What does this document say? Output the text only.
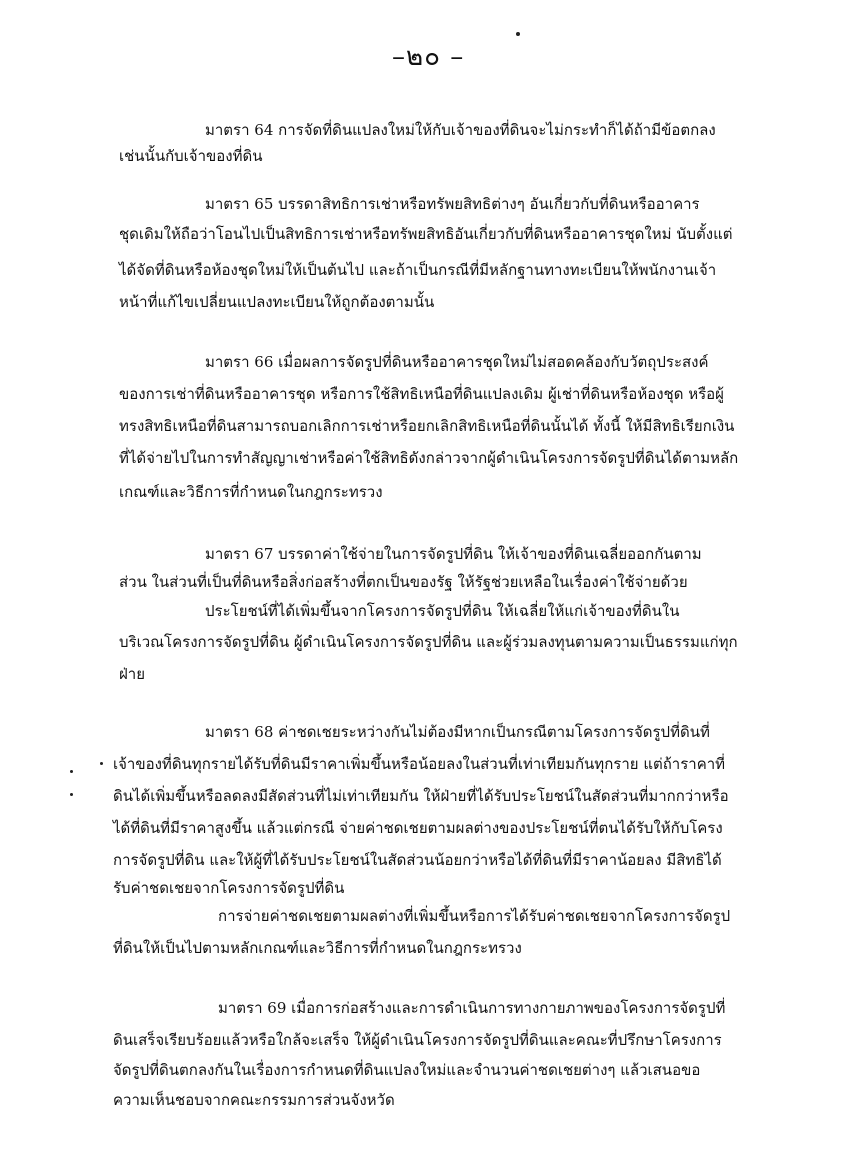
–๒๐ –
มาตรา 64 การจัดที่ดินแปลงใหม่ให้กับเจ้าของที่ดินจะไม่กระทำก็ได้ถ้ามีข้อตกลง
เช่นนั้นกับเจ้าของที่ดิน
มาตรา 65 บรรดาสิทธิการเช่าหรือทรัพยสิทธิต่างๆ อันเกี่ยวกับที่ดินหรืออาคาร
ชุดเดิมให้ถือว่าโอนไปเป็นสิทธิการเช่าหรือทรัพยสิทธิอันเกี่ยวกับที่ดินหรืออาคารชุดใหม่ นับตั้งแต่
ได้จัดที่ดินหรือห้องชุดใหม่ให้เป็นต้นไป และถ้าเป็นกรณีที่มีหลักฐานทางทะเบียนให้พนักงานเจ้า
หน้าที่แก้ไขเปลี่ยนแปลงทะเบียนให้ถูกต้องตามนั้น
มาตรา 66 เมื่อผลการจัดรูปที่ดินหรืออาคารชุดใหม่ไม่สอดคล้องกับวัตถุประสงค์
ของการเช่าที่ดินหรืออาคารชุด หรือการใช้สิทธิเหนือที่ดินแปลงเดิม ผู้เช่าที่ดินหรือห้องชุด หรือผู้
ทรงสิทธิเหนือที่ดินสามารถบอกเลิกการเช่าหรือยกเลิกสิทธิเหนือที่ดินนั้นได้ ทั้งนี้ ให้มีสิทธิเรียกเงิน
ที่ได้จ่ายไปในการทำสัญญาเช่าหรือค่าใช้สิทธิดังกล่าวจากผู้ดำเนินโครงการจัดรูปที่ดินได้ตามหลัก
เกณฑ์และวิธีการที่กำหนดในกฎกระทรวง
มาตรา 67 บรรดาค่าใช้จ่ายในการจัดรูปที่ดิน ให้เจ้าของที่ดินเฉลี่ยออกกันตาม
ส่วน ในส่วนที่เป็นที่ดินหรือสิ่งก่อสร้างที่ตกเป็นของรัฐ ให้รัฐช่วยเหลือในเรื่องค่าใช้จ่ายด้วย
ประโยชน์ที่ได้เพิ่มขึ้นจากโครงการจัดรูปที่ดิน ให้เฉลี่ยให้แก่เจ้าของที่ดินใน
บริเวณโครงการจัดรูปที่ดิน ผู้ดำเนินโครงการจัดรูปที่ดิน และผู้ร่วมลงทุนตามความเป็นธรรมแก่ทุก
ฝ่าย
มาตรา 68 ค่าชดเชยระหว่างกันไม่ต้องมีหากเป็นกรณีตามโครงการจัดรูปที่ดินที่
เจ้าของที่ดินทุกรายได้รับที่ดินมีราคาเพิ่มขึ้นหรือน้อยลงในส่วนที่เท่าเทียมกันทุกราย แต่ถ้าราคาที่
ดินได้เพิ่มขึ้นหรือลดลงมีสัดส่วนที่ไม่เท่าเทียมกัน ให้ฝ่ายที่ได้รับประโยชน์ในสัดส่วนที่มากกว่าหรือ
ได้ที่ดินที่มีราคาสูงขึ้น แล้วแต่กรณี จ่ายค่าชดเชยตามผลต่างของประโยชน์ที่ตนได้รับให้กับโครง
การจัดรูปที่ดิน และให้ผู้ที่ได้รับประโยชน์ในสัดส่วนน้อยกว่าหรือได้ที่ดินที่มีราคาน้อยลง มีสิทธิได้
รับค่าชดเชยจากโครงการจัดรูปที่ดิน
การจ่ายค่าชดเชยตามผลต่างที่เพิ่มขึ้นหรือการได้รับค่าชดเชยจากโครงการจัดรูป
ที่ดินให้เป็นไปตามหลักเกณฑ์และวิธีการที่กำหนดในกฎกระทรวง
มาตรา 69 เมื่อการก่อสร้างและการดำเนินการทางกายภาพของโครงการจัดรูปที่
ดินเสร็จเรียบร้อยแล้วหรือใกล้จะเสร็จ ให้ผู้ดำเนินโครงการจัดรูปที่ดินและคณะที่ปรึกษาโครงการ
จัดรูปที่ดินตกลงกันในเรื่องการกำหนดที่ดินแปลงใหม่และจำนวนค่าชดเชยต่างๆ แล้วเสนอขอ
ความเห็นชอบจากคณะกรรมการส่วนจังหวัด
